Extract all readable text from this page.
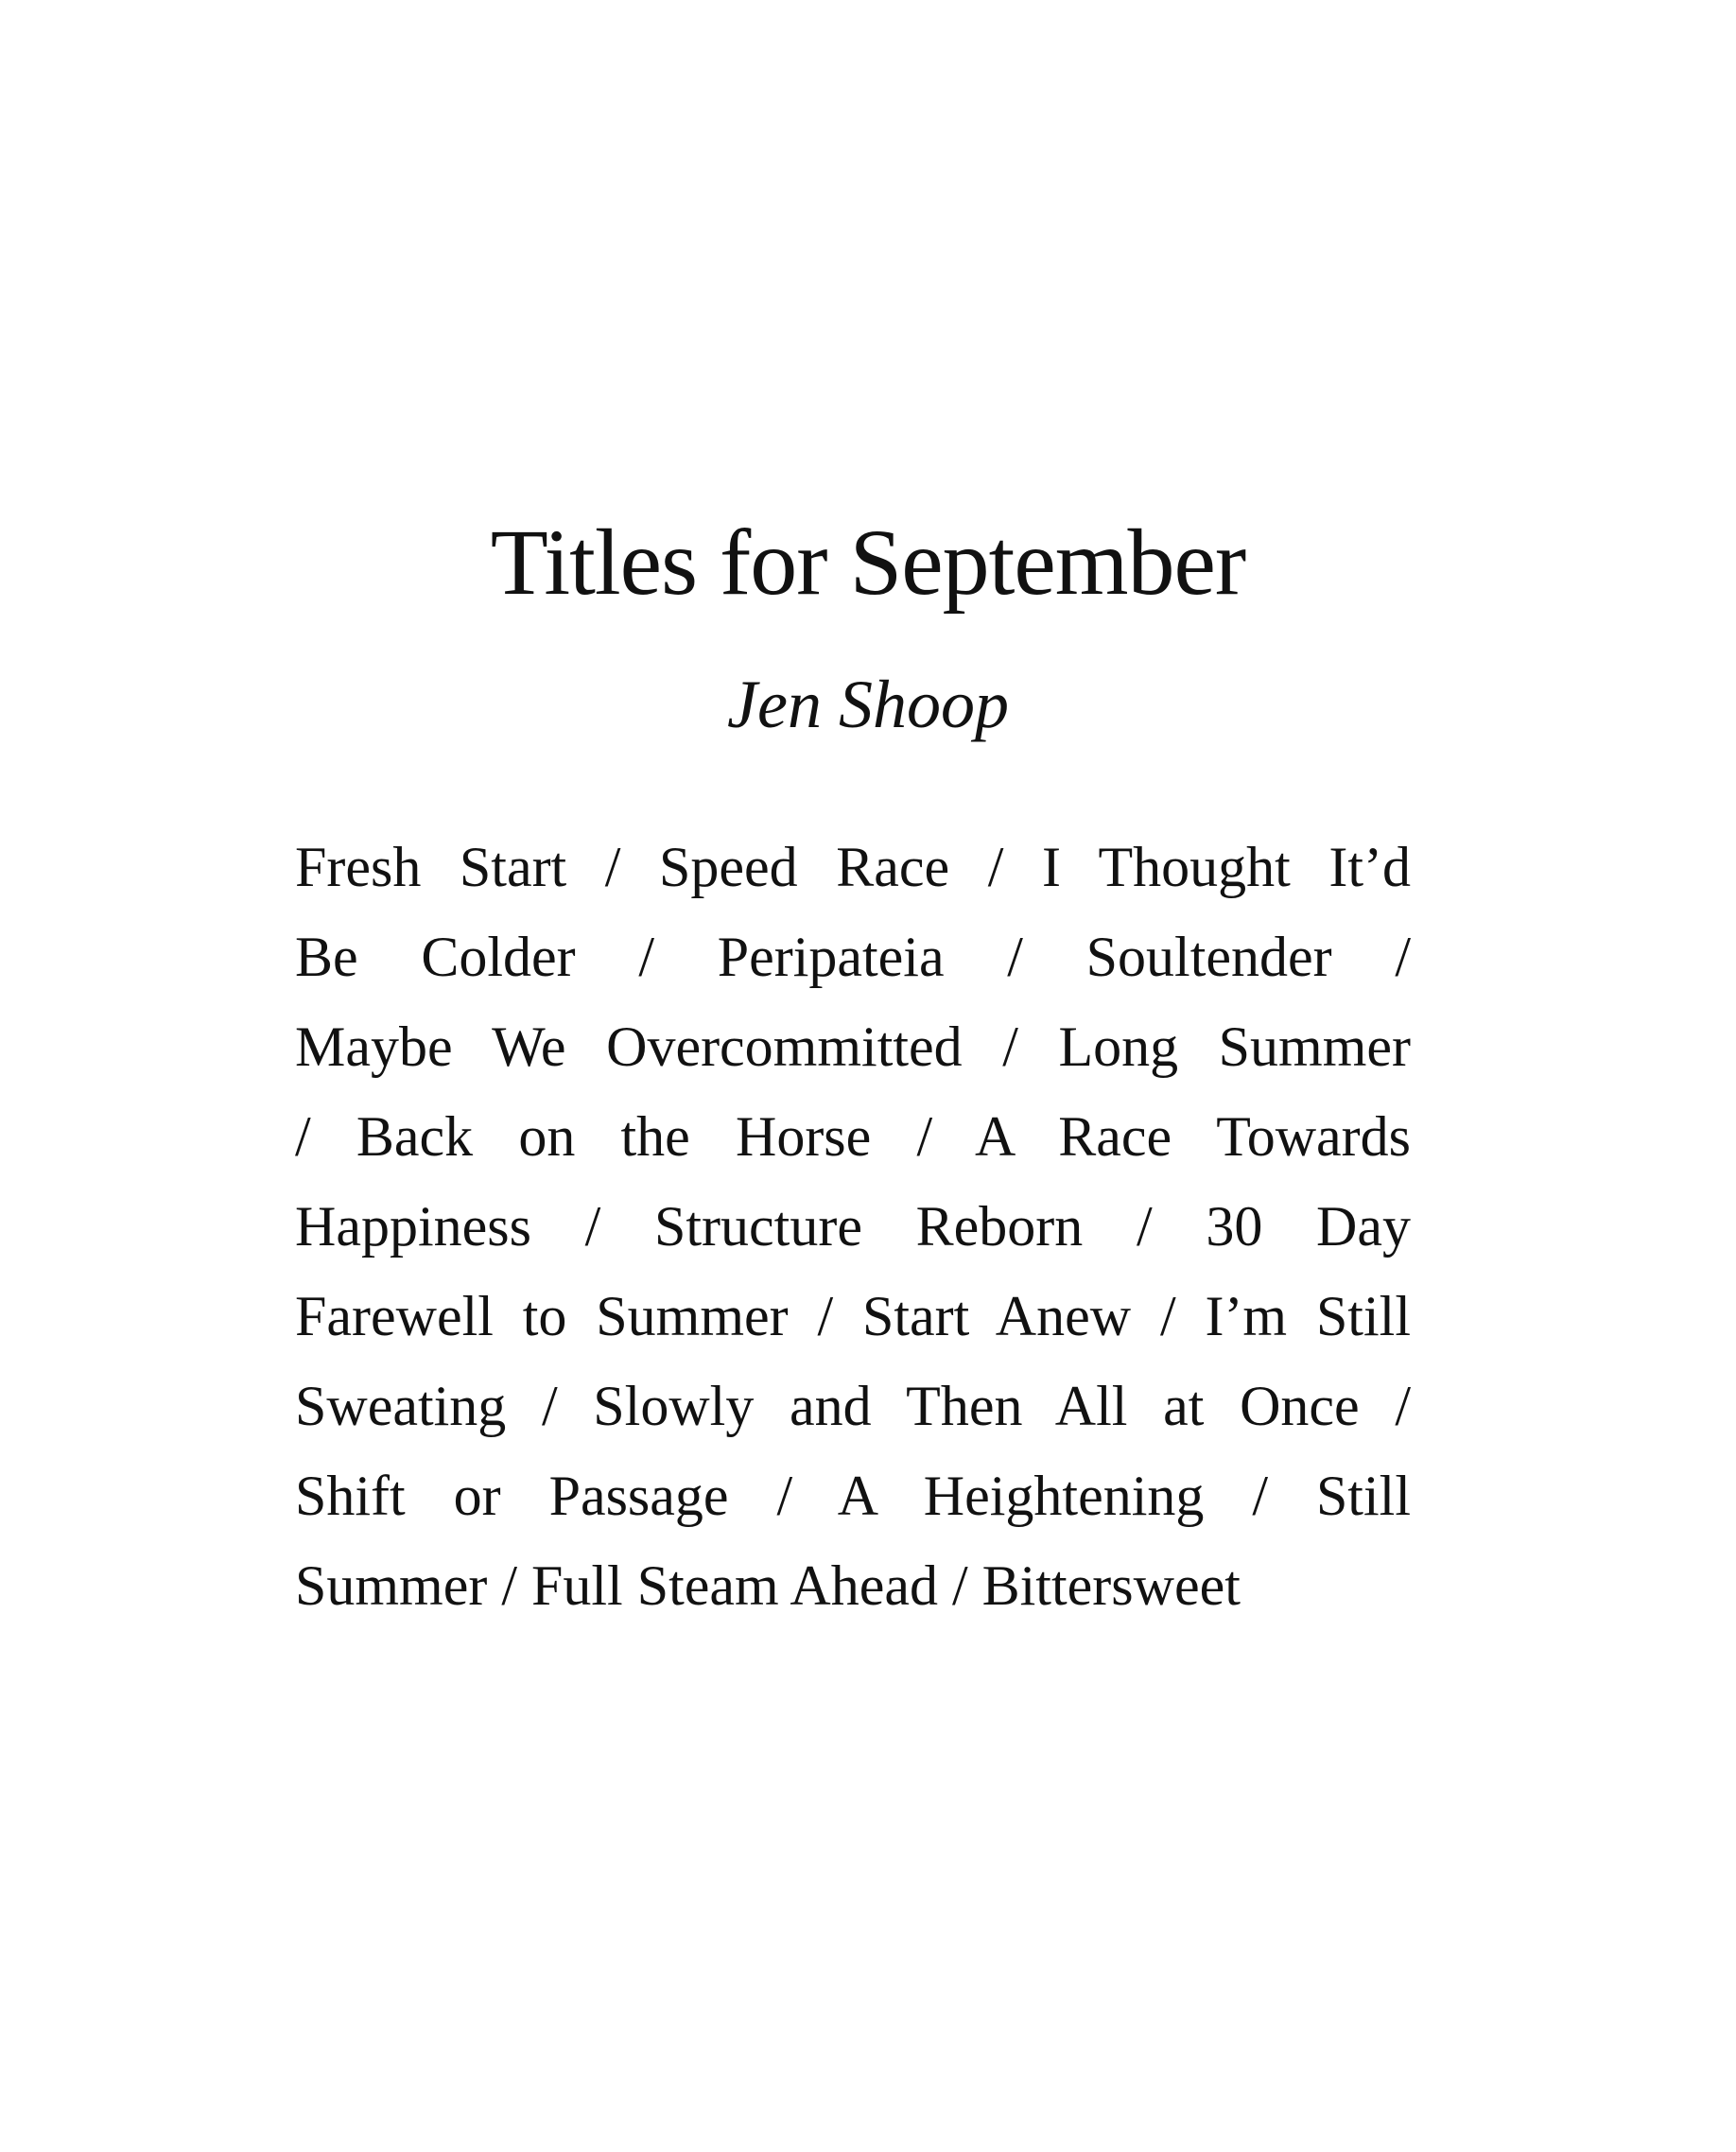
Titles for September

Jen Shoop

Fresh Start / Speed Race / I Thought It’d
Be Colder / Peripateia / Soultender /
Maybe We Overcommitted / Long Summer
/ Back on the Horse / A Race Towards
Happiness / Structure Reborn / 30 Day
Farewell to Summer / Start Anew / I’m Still
Sweating / Slowly and Then All at Once /
Shift or Passage / A Heightening / Still
Summer / Full Steam Ahead / Bittersweet
